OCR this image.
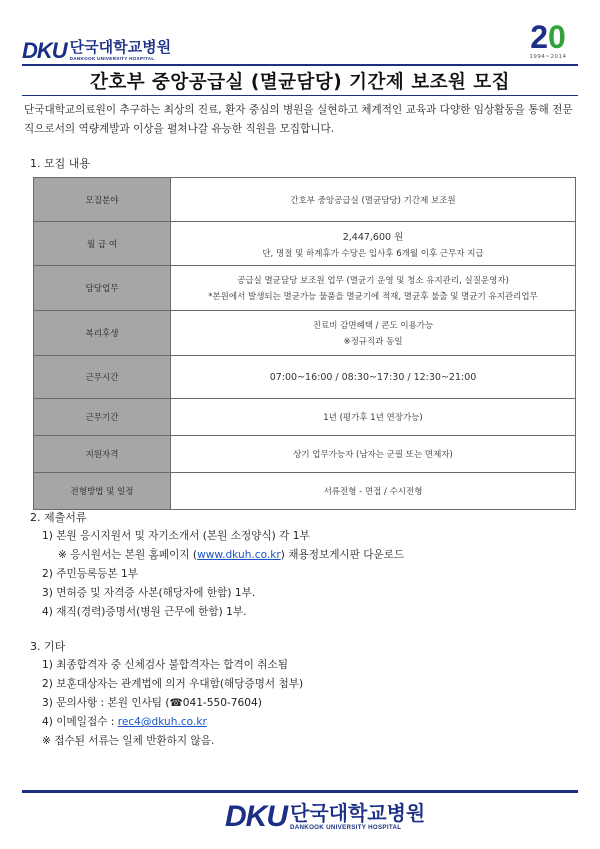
DKU 단국대학교병원
DANKOOK UNIVERSITY HOSPITAL
20
1994~2014
간호부 중앙공급실 (멸균담당) 기간제 보조원 모집
단국대학교의료원이 추구하는 최상의 진료, 환자 중심의 병원을 실현하고 체계적인 교육과 다양한 임상활동을 통해 전문직으로서의 역량계발과 이상을 펼쳐나갈 유능한 직원을 모집합니다.
1. 모집 내용
모집분야	간호부 중앙공급실 (멸균담당) 기간제 보조원

월 급 여	2,447,600 원
단, 명절 및 하계휴가 수당은 입사후 6개월 이후 근무자 지급

담당업무	공급실 멸균담당 보조원 업무 (멸균기 운영 및 청소 유지관리, 실질운영자)
*본원에서 발생되는 멸균가능 물품을 멸균기에 적재, 멸균후 불출 및 멸균기 유지관리업무

복리후생	진료비 감면혜택 / 콘도 이용가능
※정규직과 동일

근무시간	07:00~16:00 / 08:30~17:30 / 12:30~21:00

근무기간	1년 (평가후 1년 연장가능)

지원자격	상기 업무가능자 (남자는 군필 또는 면제자)

전형방법 및 일정	서류전형 - 면접 / 수시전형
2. 제출서류
1) 본원 응시지원서 및 자기소개서 (본원 소정양식) 각 1부
※ 응시원서는 본원 홈페이지 (www.dkuh.co.kr) 채용정보게시판 다운로드
2) 주민등록등본 1부
3) 면허증 및 자격증 사본(해당자에 한함) 1부.
4) 재직(경력)증명서(병원 근무에 한함) 1부.
3. 기타
1) 최종합격자 중 신체검사 불합격자는 합격이 취소됨
2) 보훈대상자는 관계법에 의거 우대함(해당증명서 첨부)
3) 문의사항 : 본원 인사팀 (☎041-550-7604)
4) 이메일접수 : rec4@dkuh.co.kr
※ 접수된 서류는 일체 반환하지 않음.
DKU 단국대학교병원
DANKOOK UNIVERSITY HOSPITAL
